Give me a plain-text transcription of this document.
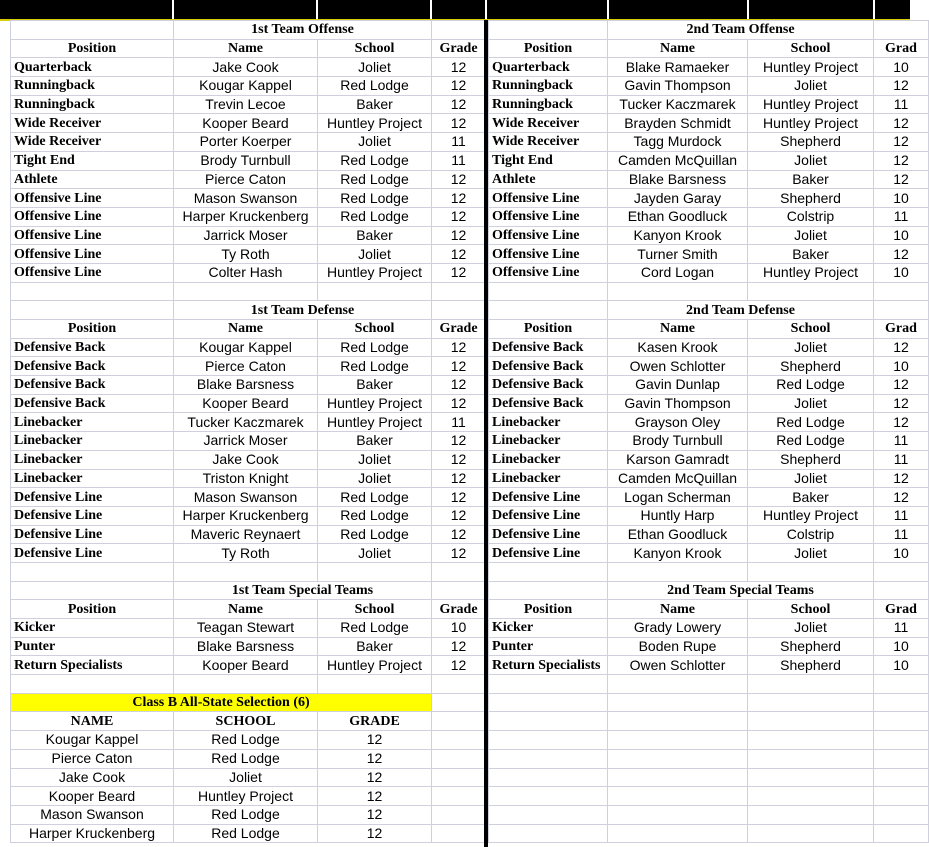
	1st Team Offense		
Position	Name	School	Grade
Quarterback	Jake Cook	Joliet	12
Runningback	Kougar Kappel	Red Lodge	12
Runningback	Trevin Lecoe	Baker	12
Wide Receiver	Kooper Beard	Huntley Project	12
Wide Receiver	Porter Koerper	Joliet	11
Tight End	Brody Turnbull	Red Lodge	11
Athlete	Pierce Caton	Red Lodge	12
Offensive Line	Mason Swanson	Red Lodge	12
Offensive Line	Harper Kruckenberg	Red Lodge	12
Offensive Line	Jarrick Moser	Baker	12
Offensive Line	Ty Roth	Joliet	12
Offensive Line	Colter Hash	Huntley Project	12

	1st Team Defense		
Position	Name	School	Grade
Defensive Back	Kougar Kappel	Red Lodge	12
Defensive Back	Pierce Caton	Red Lodge	12
Defensive Back	Blake Barsness	Baker	12
Defensive Back	Kooper Beard	Huntley Project	12
Linebacker	Tucker Kaczmarek	Huntley Project	11
Linebacker	Jarrick Moser	Baker	12
Linebacker	Jake Cook	Joliet	12
Linebacker	Triston Knight	Joliet	12
Defensive Line	Mason Swanson	Red Lodge	12
Defensive Line	Harper Kruckenberg	Red Lodge	12
Defensive Line	Maveric Reynaert	Red Lodge	12
Defensive Line	Ty Roth	Joliet	12

	1st Team Special Teams		
Position	Name	School	Grade
Kicker	Teagan Stewart	Red Lodge	10
Punter	Blake Barsness	Baker	12
Return Specialists	Kooper Beard	Huntley Project	12

Class B All-State Selection (6)			
NAME	SCHOOL	GRADE	
Kougar Kappel	Red Lodge	12	
Pierce Caton	Red Lodge	12	
Jake Cook	Joliet	12	
Kooper Beard	Huntley Project	12	
Mason Swanson	Red Lodge	12	
Harper Kruckenberg	Red Lodge	12	
	2nd Team Offense		
Position	Name	School	Grad
Quarterback	Blake Ramaeker	Huntley Project	10
Runningback	Gavin Thompson	Joliet	12
Runningback	Tucker Kaczmarek	Huntley Project	11
Wide Receiver	Brayden Schmidt	Huntley Project	12
Wide Receiver	Tagg Murdock	Shepherd	12
Tight End	Camden McQuillan	Joliet	12
Athlete	Blake Barsness	Baker	12
Offensive Line	Jayden Garay	Shepherd	10
Offensive Line	Ethan Goodluck	Colstrip	11
Offensive Line	Kanyon Krook	Joliet	10
Offensive Line	Turner Smith	Baker	12
Offensive Line	Cord Logan	Huntley Project	10

	2nd Team Defense		
Position	Name	School	Grad
Defensive Back	Kasen Krook	Joliet	12
Defensive Back	Owen Schlotter	Shepherd	10
Defensive Back	Gavin Dunlap	Red Lodge	12
Defensive Back	Gavin Thompson	Joliet	12
Linebacker	Grayson Oley	Red Lodge	12
Linebacker	Brody Turnbull	Red Lodge	11
Linebacker	Karson Gamradt	Shepherd	11
Linebacker	Camden McQuillan	Joliet	12
Defensive Line	Logan Scherman	Baker	12
Defensive Line	Huntly Harp	Huntley Project	11
Defensive Line	Ethan Goodluck	Colstrip	11
Defensive Line	Kanyon Krook	Joliet	10

	2nd Team Special Teams		
Position	Name	School	Grad
Kicker	Grady Lowery	Joliet	11
Punter	Boden Rupe	Shepherd	10
Return Specialists	Owen Schlotter	Shepherd	10
